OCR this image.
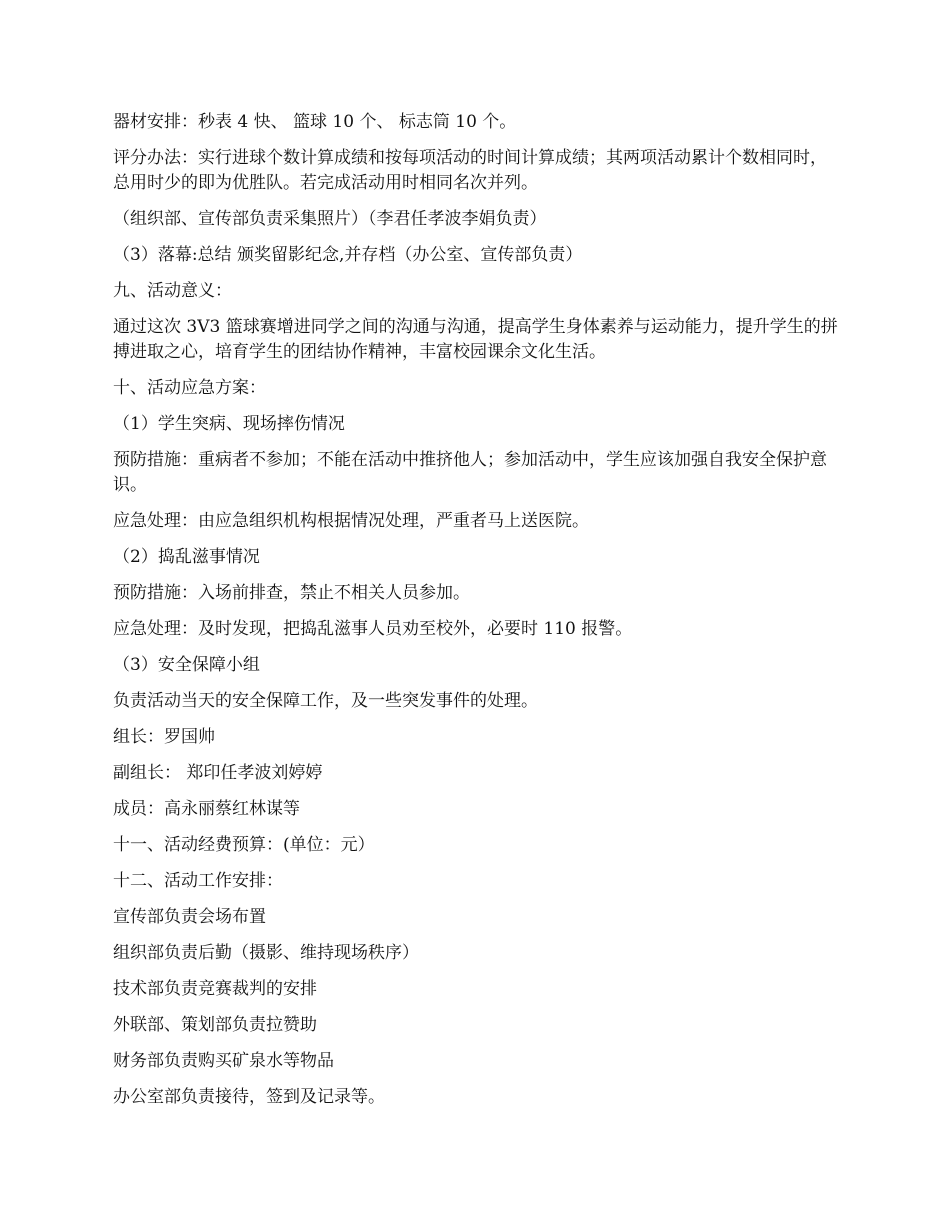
器材安排：秒表 4 快、 篮球 10 个、 标志筒 10 个。

评分办法：实行进球个数计算成绩和按每项活动的时间计算成绩；其两项活动累计个数相同时，总用时少的即为优胜队。若完成活动用时相同名次并列。

（组织部、宣传部负责采集照片）（李君任孝波李娟负责）

（3）落幕:总结 颁奖留影纪念,并存档（办公室、宣传部负责）

九、活动意义：

通过这次 3V3 篮球赛增进同学之间的沟通与沟通，提高学生身体素养与运动能力，提升学生的拼搏进取之心，培育学生的团结协作精神，丰富校园课余文化生活。

十、活动应急方案：

（1）学生突病、现场摔伤情况

预防措施：重病者不参加；不能在活动中推挤他人；参加活动中，学生应该加强自我安全保护意识。

应急处理：由应急组织机构根据情况处理，严重者马上送医院。

（2）捣乱滋事情况

预防措施：入场前排查，禁止不相关人员参加。

应急处理：及时发现，把捣乱滋事人员劝至校外，必要时 110 报警。

（3）安全保障小组

负责活动当天的安全保障工作，及一些突发事件的处理。

组长：罗国帅

副组长： 郑印任孝波刘婷婷

成员：高永丽蔡红林谋等

十一、活动经费预算：(单位：元）

十二、活动工作安排：

宣传部负责会场布置

组织部负责后勤（摄影、维持现场秩序）

技术部负责竞赛裁判的安排

外联部、策划部负责拉赞助

财务部负责购买矿泉水等物品

办公室部负责接待，签到及记录等。
